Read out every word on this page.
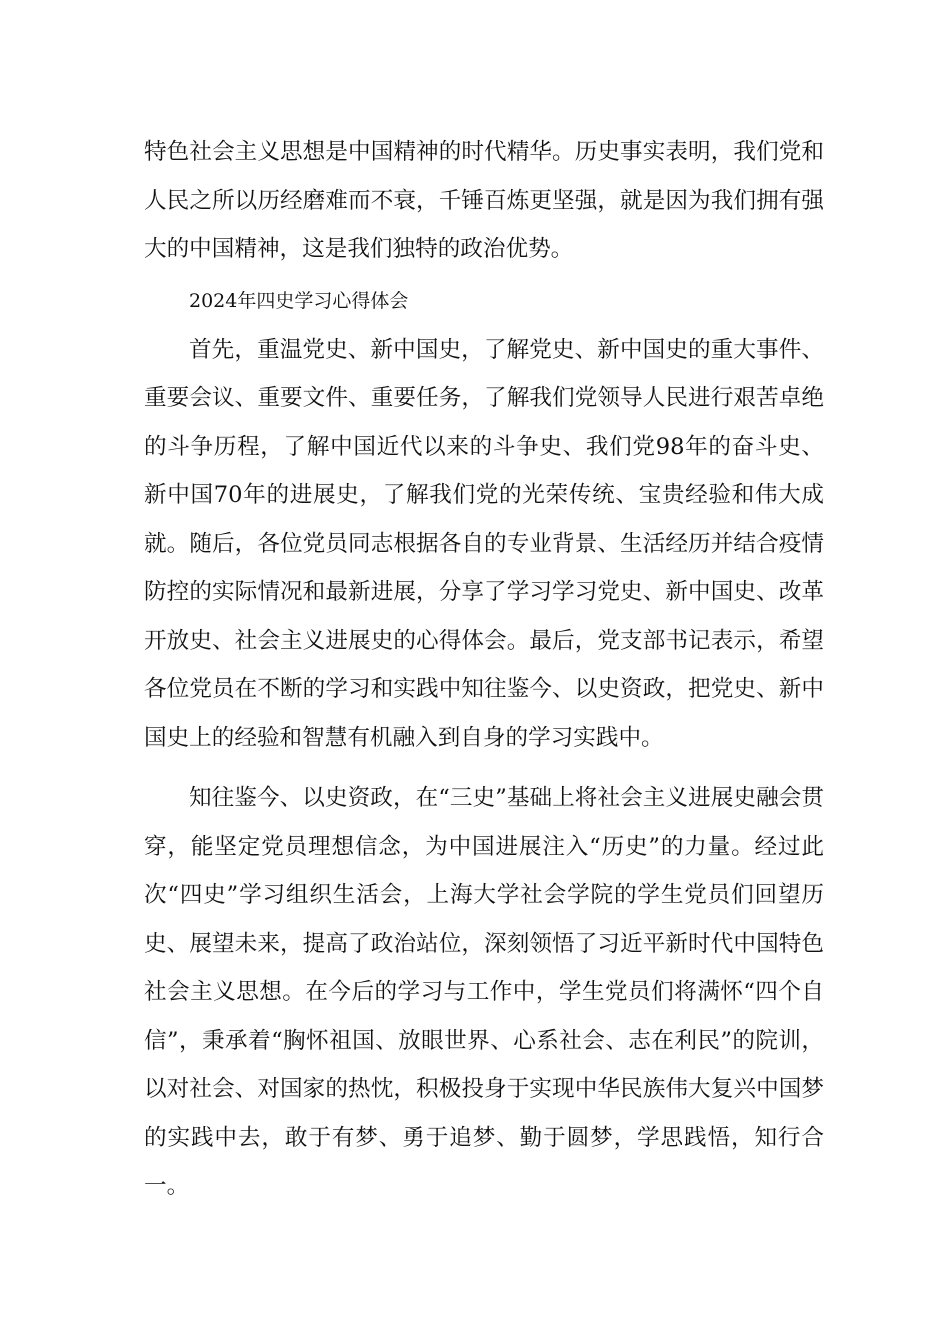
特色社会主义思想是中国精神的时代精华。历史事实表明，我们党和人民之所以历经磨难而不衰，千锤百炼更坚强，就是因为我们拥有强大的中国精神，这是我们独特的政治优势。

2024年四史学习心得体会

首先，重温党史、新中国史，了解党史、新中国史的重大事件、重要会议、重要文件、重要任务，了解我们党领导人民进行艰苦卓绝的斗争历程，了解中国近代以来的斗争史、我们党98年的奋斗史、新中国70年的进展史，了解我们党的光荣传统、宝贵经验和伟大成就。随后，各位党员同志根据各自的专业背景、生活经历并结合疫情防控的实际情况和最新进展，分享了学习学习党史、新中国史、改革开放史、社会主义进展史的心得体会。最后，党支部书记表示，希望各位党员在不断的学习和实践中知往鉴今、以史资政，把党史、新中国史上的经验和智慧有机融入到自身的学习实践中。

知往鉴今、以史资政，在“三史”基础上将社会主义进展史融会贯穿，能坚定党员理想信念，为中国进展注入“历史”的力量。经过此次“四史”学习组织生活会，上海大学社会学院的学生党员们回望历史、展望未来，提高了政治站位，深刻领悟了习近平新时代中国特色社会主义思想。在今后的学习与工作中，学生党员们将满怀“四个自信”，秉承着“胸怀祖国、放眼世界、心系社会、志在利民”的院训，以对社会、对国家的热忱，积极投身于实现中华民族伟大复兴中国梦的实践中去，敢于有梦、勇于追梦、勤于圆梦，学思践悟，知行合一。
